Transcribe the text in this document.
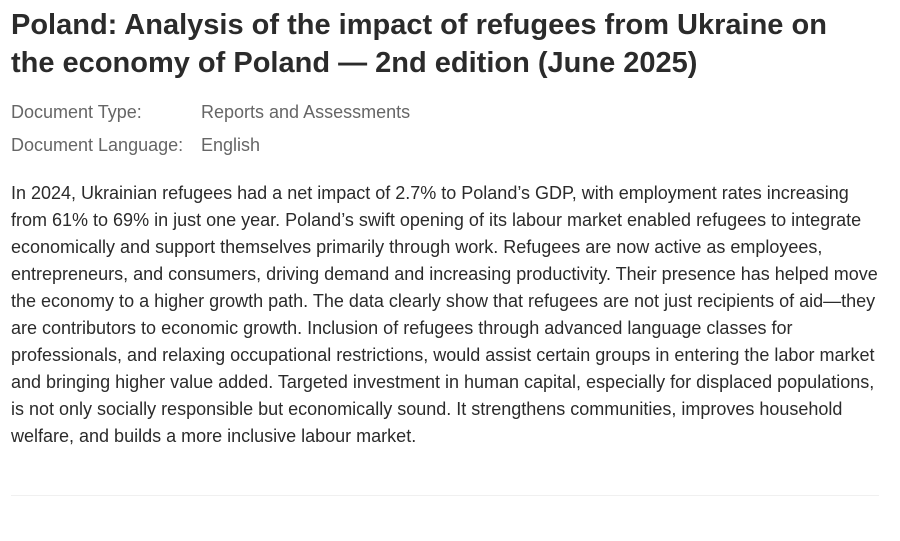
Poland: Analysis of the impact of refugees from Ukraine on the economy of Poland — 2nd edition (June 2025)
Document Type:	Reports and Assessments
Document Language: English

In 2024, Ukrainian refugees had a net impact of 2.7% to Poland’s GDP, with employment rates increasing from 61% to 69% in just one year. Poland’s swift opening of its labour market enabled refugees to integrate economically and support themselves primarily through work. Refugees are now active as employees, entrepreneurs, and consumers, driving demand and increasing productivity. Their presence has helped move the economy to a higher growth path. The data clearly show that refugees are not just recipients of aid—they are contributors to economic growth. Inclusion of refugees through advanced language classes for professionals, and relaxing occupational restrictions, would assist certain groups in entering the labor market and bringing higher value added. Targeted investment in human capital, especially for displaced populations, is not only socially responsible but economically sound. It strengthens communities, improves household welfare, and builds a more inclusive labour market.
